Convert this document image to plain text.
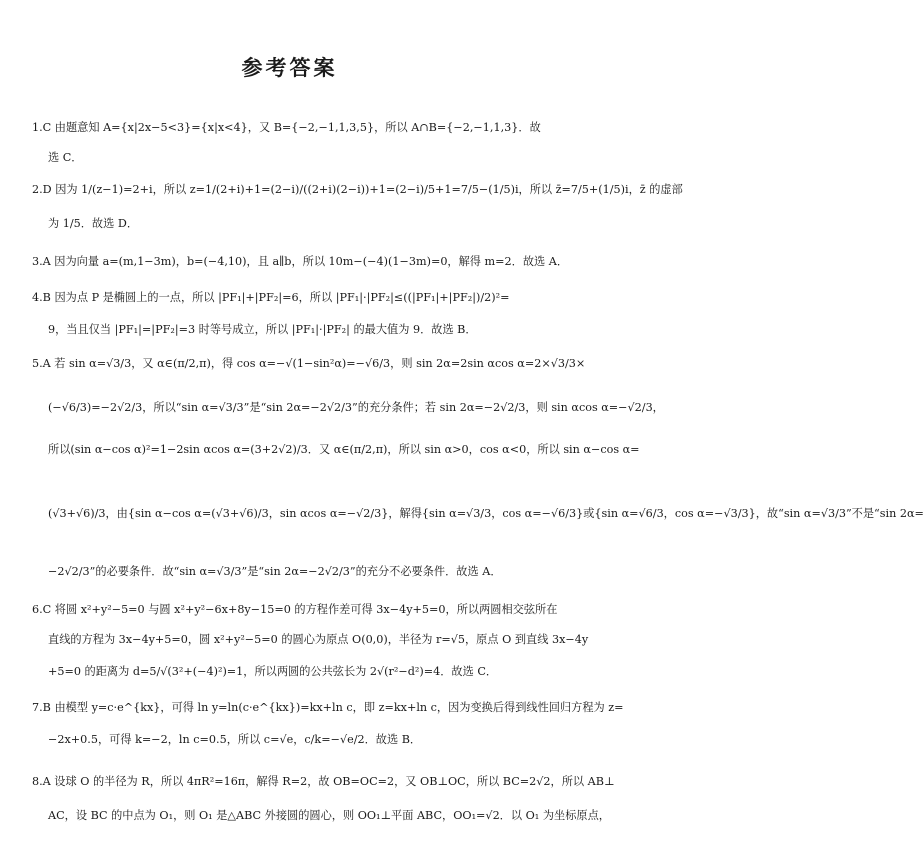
参考答案
1.C 由题意知 A={x|2x−5<3}={x|x<4}，又 B={−2,−1,1,3,5}，所以 A∩B={−2,−1,1,3}．故
选 C．
2.D 因为 1/(z−1)=2+i，所以 z=1/(2+i)+1=(2−i)/((2+i)(2−i))+1=(2−i)/5+1=7/5−(1/5)i，所以 z̄=7/5+(1/5)i，z̄ 的虚部
为 1/5．故选 D．
3.A 因为向量 a=(m,1−3m)，b=(−4,10)，且 a∥b，所以 10m−(−4)(1−3m)=0，解得 m=2．故选 A．
4.B 因为点 P 是椭圆上的一点，所以 |PF₁|+|PF₂|=6，所以 |PF₁|·|PF₂|≤((|PF₁|+|PF₂|)/2)²=
9，当且仅当 |PF₁|=|PF₂|=3 时等号成立，所以 |PF₁|·|PF₂| 的最大值为 9．故选 B．
5.A 若 sin α=√3/3，又 α∈(π/2,π)，得 cos α=−√(1−sin²α)=−√6/3，则 sin 2α=2sin αcos α=2×√3/3×
(−√6/3)=−2√2/3，所以“sin α=√3/3”是“sin 2α=−2√2/3”的充分条件；若 sin 2α=−2√2/3，则 sin αcos α=−√2/3，
所以(sin α−cos α)²=1−2sin αcos α=(3+2√2)/3．又 α∈(π/2,π)，所以 sin α>0，cos α<0，所以 sin α−cos α=
(√3+√6)/3，由{sin α−cos α=(√3+√6)/3，sin αcos α=−√2/3}，解得{sin α=√3/3，cos α=−√6/3}或{sin α=√6/3，cos α=−√3/3}，故“sin α=√3/3”不是“sin 2α=
−2√2/3”的必要条件．故“sin α=√3/3”是“sin 2α=−2√2/3”的充分不必要条件．故选 A．
6.C 将圆 x²+y²−5=0 与圆 x²+y²−6x+8y−15=0 的方程作差可得 3x−4y+5=0，所以两圆相交弦所在
直线的方程为 3x−4y+5=0，圆 x²+y²−5=0 的圆心为原点 O(0,0)，半径为 r=√5，原点 O 到直线 3x−4y
+5=0 的距离为 d=5/√(3²+(−4)²)=1，所以两圆的公共弦长为 2√(r²−d²)=4．故选 C．
7.B 由模型 y=c·e^{kx}，可得 ln y=ln(c·e^{kx})=kx+ln c，即 z=kx+ln c，因为变换后得到线性回归方程为 z=
−2x+0.5，可得 k=−2，ln c=0.5，所以 c=√e，c/k=−√e/2．故选 B．
8.A 设球 O 的半径为 R，所以 4πR²=16π，解得 R=2，故 OB=OC=2，又 OB⊥OC，所以 BC=2√2，所以 AB⊥
AC，设 BC 的中点为 O₁，则 O₁ 是△ABC 外接圆的圆心，则 OO₁⊥平面 ABC，OO₁=√2．以 O₁ 为坐标原点，
